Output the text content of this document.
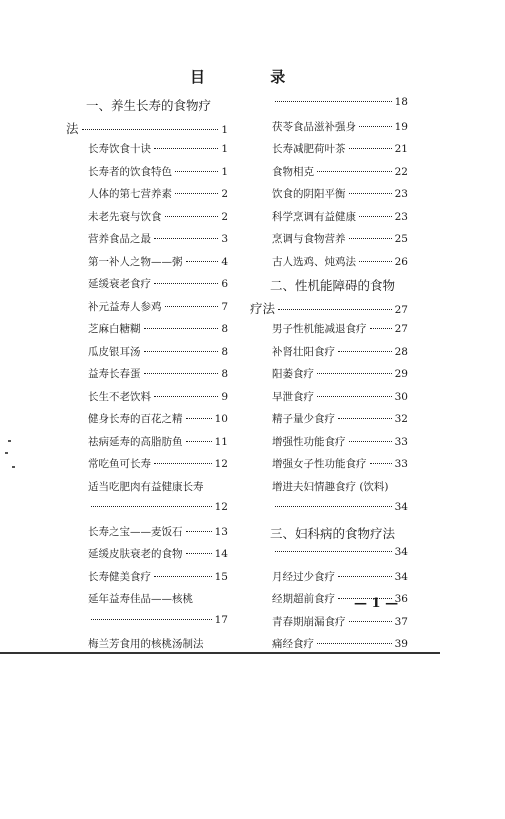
目 录
一、养生长寿的食物疗
法	1
长寿饮食十诀	1
长寿者的饮食特色	1
人体的第七营养素	2
未老先衰与饮食	2
营养食品之最	3
第一补人之物——粥	4
延缓衰老食疗	6
补元益寿人参鸡	7
芝麻白糖糊	8
瓜皮银耳汤	8
益寿长春蛋	8
长生不老饮料	9
健身长寿的百花之精	10
祛病延寿的高脂肪鱼	11
常吃鱼可长寿	12
适当吃肥肉有益健康长寿
12
长寿之宝——麦饭石	13
延缓皮肤衰老的食物	14
长寿健美食疗	15
延年益寿佳品——核桃
17
梅兰芳食用的核桃汤制法
18
茯苓食品滋补强身	19
长寿减肥荷叶茶	21
食物相克	22
饮食的阴阳平衡	23
科学烹调有益健康	23
烹调与食物营养	25
古人选鸡、炖鸡法	26
二、性机能障碍的食物
疗法	27
男子性机能减退食疗	27
补肾壮阳食疗	28
阳萎食疗	29
早泄食疗	30
精子量少食疗	32
增强性功能食疗	33
增强女子性功能食疗	33
增进夫妇情趣食疗 (饮料)
34
三、妇科病的食物疗法
34
月经过少食疗	34
经期超前食疗	36
青春期崩漏食疗	37
痛经食疗	39
— 1 —
